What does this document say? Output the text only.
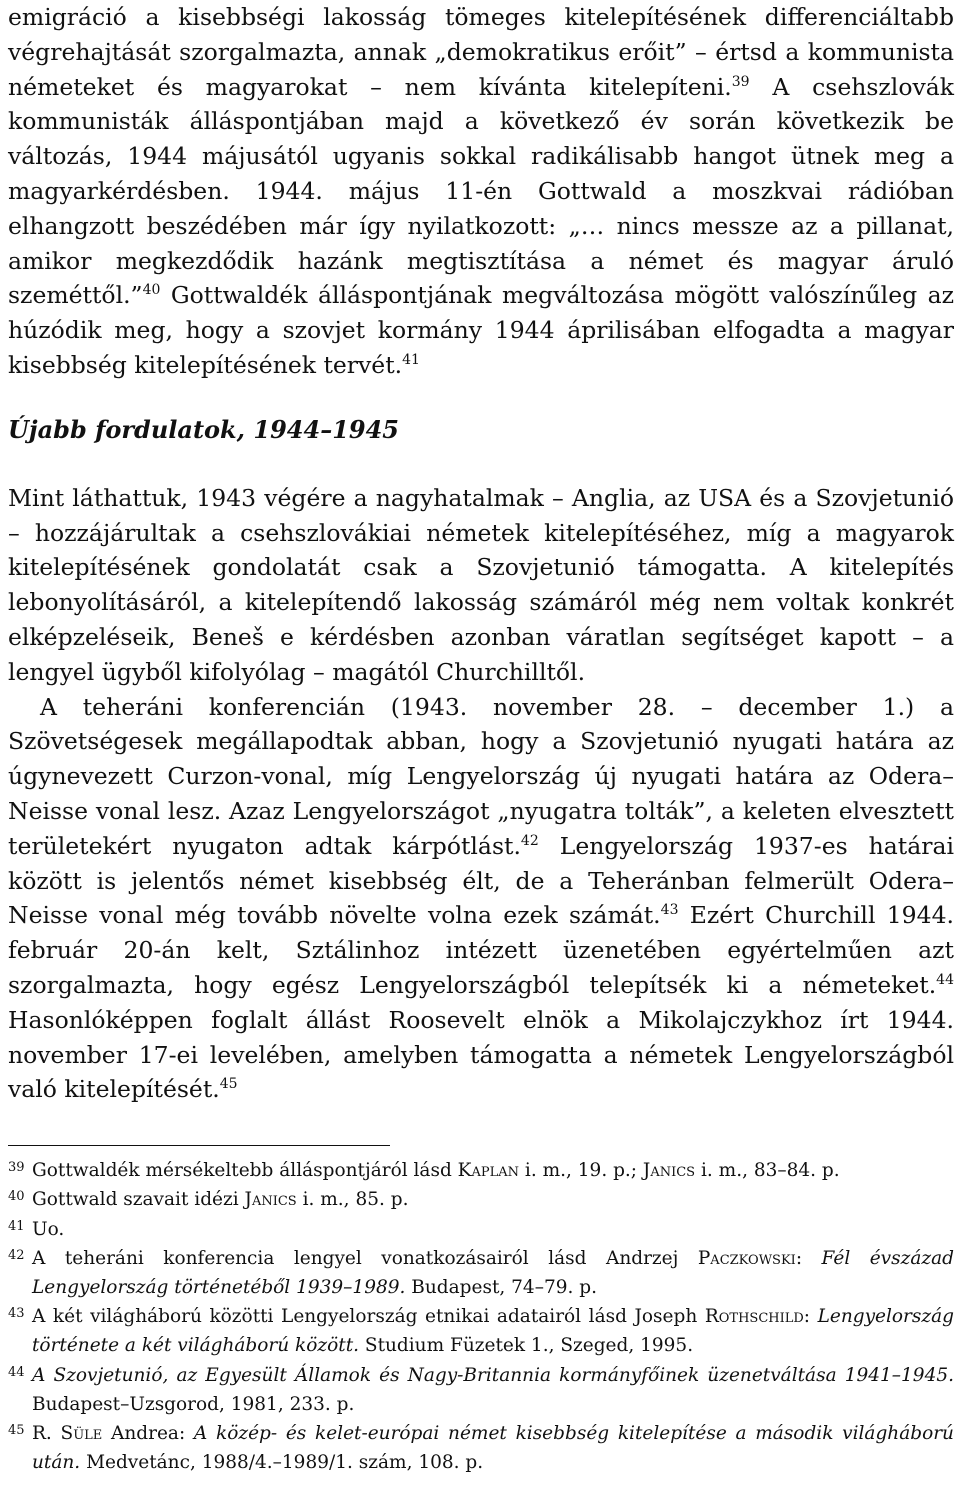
emigráció a kisebbségi lakosság tömeges kitelepítésének differenciáltabb végrehajtását szorgalmazta, annak „demokratikus erőit” – értsd a kommunista németeket és magyarokat – nem kívánta kitelepíteni.$^{39}$ A csehszlovák kommunisták álláspontjában majd a következő év során következik be változás, 1944 májusától ugyanis sokkal radikálisabb hangot ütnek meg a magyarkérdésben. 1944. május 11-én Gottwald a moszkvai rádióban elhangzott beszédében már így nyilatkozott: „… nincs messze az a pillanat, amikor megkezdődik hazánk megtisztítása a német és magyar áruló szeméttől.”$^{40}$ Gottwaldék álláspontjának megváltozása mögött valószínűleg az húzódik meg, hogy a szovjet kormány 1944 áprilisában elfogadta a magyar kisebbség kitelepítésének tervét.$^{41}$

Újabb fordulatok, 1944–1945

Mint láthattuk, 1943 végére a nagyhatalmak – Anglia, az USA és a Szovjetunió – hozzájárultak a csehszlovákiai németek kitelepítéséhez, míg a magyarok kitelepítésének gondolatát csak a Szovjetunió támogatta. A kitelepítés lebonyolításáról, a kitelepítendő lakosság számáról még nem voltak konkrét elképzeléseik, Beneš e kérdésben azonban váratlan segítséget kapott – a lengyel ügyből kifolyólag – magától Churchilltől.

A teheráni konferencián (1943. november 28. – december 1.) a Szövetségesek megállapodtak abban, hogy a Szovjetunió nyugati határa az úgynevezett Curzon-vonal, míg Lengyelország új nyugati határa az Odera–Neisse vonal lesz. Azaz Lengyelországot „nyugatra tolták”, a keleten elvesztett területekért nyugaton adtak kárpótlást.$^{42}$ Lengyelország 1937-es határai között is jelentős német kisebbség élt, de a Teheránban felmerült Odera–Neisse vonal még tovább növelte volna ezek számát.$^{43}$ Ezért Churchill 1944. február 20-án kelt, Sztálinhoz intézett üzenetében egyértelműen azt szorgalmazta, hogy egész Lengyelországból telepítsék ki a németeket.$^{44}$ Hasonlóképpen foglalt állást Roosevelt elnök a Mikolajczykhoz írt 1944. november 17-ei levelében, amelyben támogatta a németek Lengyelországból való kitelepítését.$^{45}$

39 Gottwaldék mérsékeltebb álláspontjáról lásd Kaplan i. m., 19. p.; Janics i. m., 83–84. p.
40 Gottwald szavait idézi Janics i. m., 85. p.
41 Uo.
42 A teheráni konferencia lengyel vonatkozásairól lásd Andrzej Paczkowski: Fél évszázad Lengyelország történetéből 1939–1989. Budapest, 74–79. p.
43 A két világháború közötti Lengyelország etnikai adatairól lásd Joseph Rothschild: Lengyelország története a két világháború között. Studium Füzetek 1., Szeged, 1995.
44 A Szovjetunió, az Egyesült Államok és Nagy-Britannia kormányfőinek üzenetváltása 1941–1945. Budapest–Uzsgorod, 1981, 233. p.
45 R. Süle Andrea: A közép- és kelet-európai német kisebbség kitelepítése a második világháború után. Medvetánc, 1988/4.–1989/1. szám, 108. p.
